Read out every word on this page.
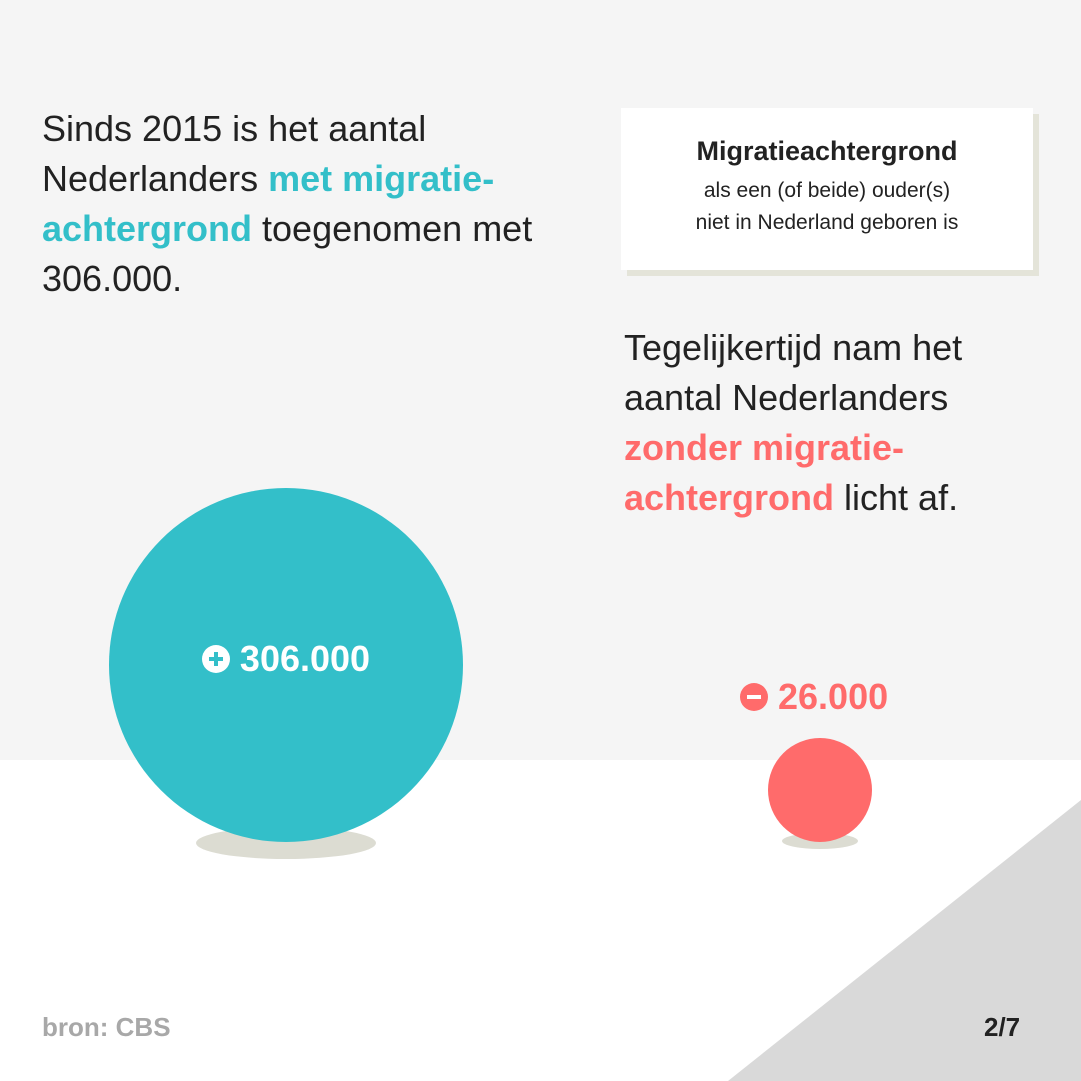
Sinds 2015 is het aantal Nederlanders met migratie-achtergrond toegenomen met 306.000.

Migratieachtergrond
als een (of beide) ouder(s)
niet in Nederland geboren is

Tegelijkertijd nam het aantal Nederlanders zonder migratie-achtergrond licht af.

306.000
26.000
bron: CBS	2/7
